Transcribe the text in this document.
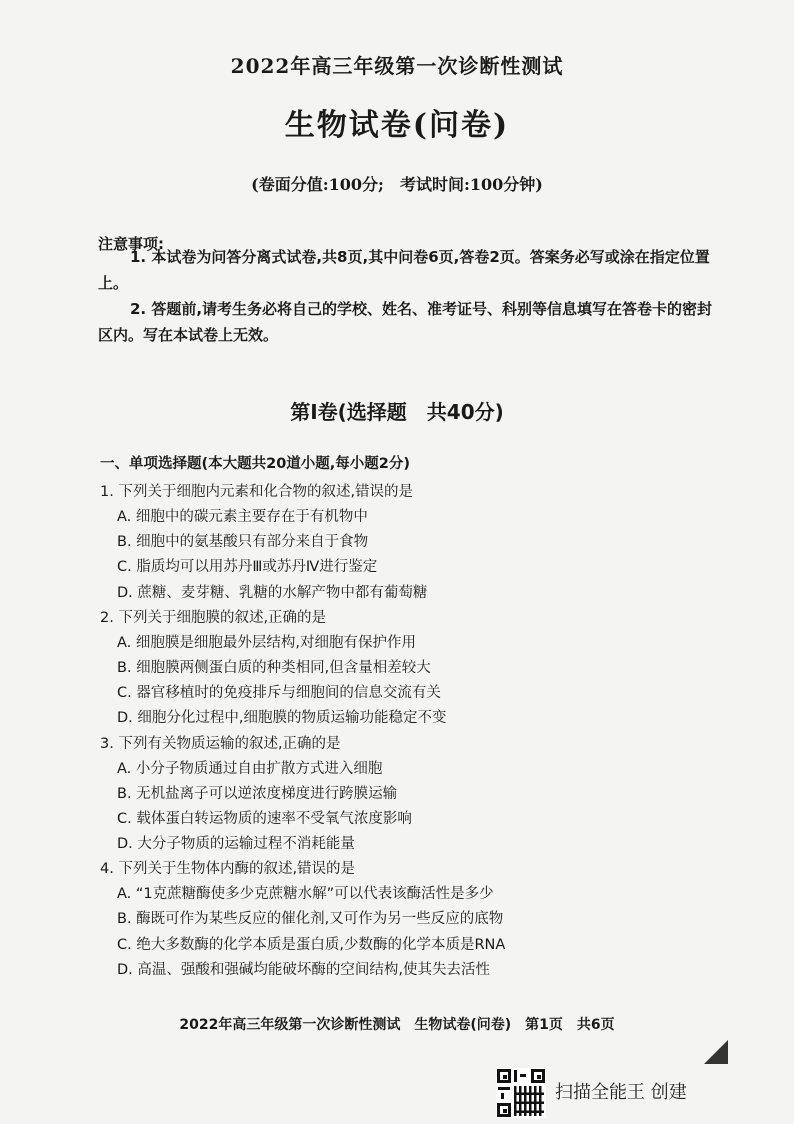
2022年高三年级第一次诊断性测试
生物试卷(问卷)
(卷面分值:100分;　考试时间:100分钟)
注意事项:
1. 本试卷为问答分离式试卷,共8页,其中问卷6页,答卷2页。答案务必写或涂在指定位置上。
2. 答题前,请考生务必将自己的学校、姓名、准考证号、科别等信息填写在答卷卡的密封区内。写在本试卷上无效。
第Ⅰ卷(选择题　共40分)
一、单项选择题(本大题共20道小题,每小题2分)
1. 下列关于细胞内元素和化合物的叙述,错误的是
A. 细胞中的碳元素主要存在于有机物中
B. 细胞中的氨基酸只有部分来自于食物
C. 脂质均可以用苏丹Ⅲ或苏丹Ⅳ进行鉴定
D. 蔗糖、麦芽糖、乳糖的水解产物中都有葡萄糖
2. 下列关于细胞膜的叙述,正确的是
A. 细胞膜是细胞最外层结构,对细胞有保护作用
B. 细胞膜两侧蛋白质的种类相同,但含量相差较大
C. 器官移植时的免疫排斥与细胞间的信息交流有关
D. 细胞分化过程中,细胞膜的物质运输功能稳定不变
3. 下列有关物质运输的叙述,正确的是
A. 小分子物质通过自由扩散方式进入细胞
B. 无机盐离子可以逆浓度梯度进行跨膜运输
C. 载体蛋白转运物质的速率不受氧气浓度影响
D. 大分子物质的运输过程不消耗能量
4. 下列关于生物体内酶的叙述,错误的是
A. “1克蔗糖酶使多少克蔗糖水解”可以代表该酶活性是多少
B. 酶既可作为某些反应的催化剂,又可作为另一些反应的底物
C. 绝大多数酶的化学本质是蛋白质,少数酶的化学本质是RNA
D. 高温、强酸和强碱均能破坏酶的空间结构,使其失去活性
2022年高三年级第一次诊断性测试　生物试卷(问卷)　第1页　共6页
扫描全能王 创建
